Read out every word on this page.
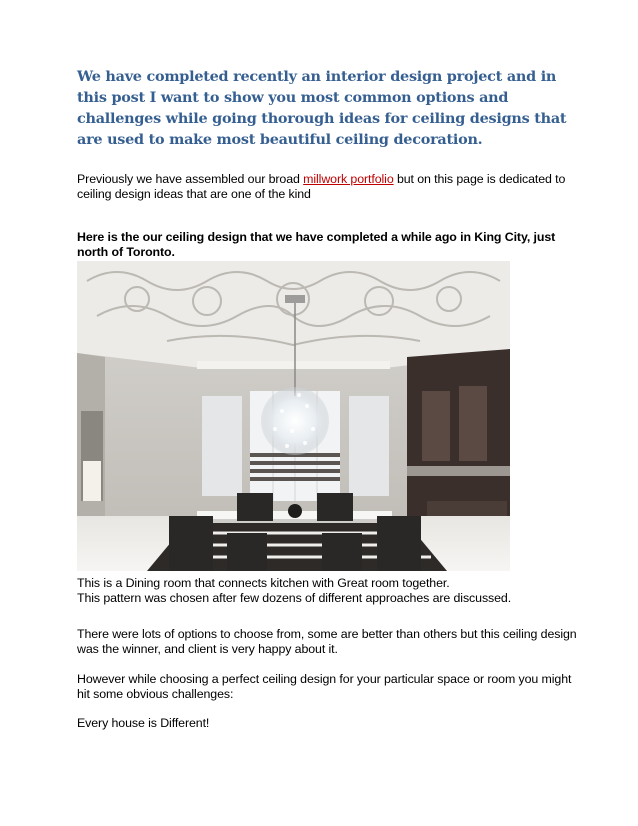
We have completed recently an interior design project and in this post I want to show you most common options and challenges while going thorough ideas for ceiling designs that are used to make most beautiful ceiling decoration.
Previously we have assembled our broad millwork portfolio but on this page is dedicated to ceiling design ideas that are one of the kind
Here is the our ceiling design that we have completed a while ago in King City, just north of Toronto.
This is a Dining room that connects kitchen with Great room together.
This pattern was chosen after few dozens of different approaches are discussed.
There were lots of options to choose from, some are better than others but this ceiling design was the winner, and client is very happy about it.
However while choosing a perfect ceiling design for your particular space or room you might hit some obvious challenges:
Every house is Different!
